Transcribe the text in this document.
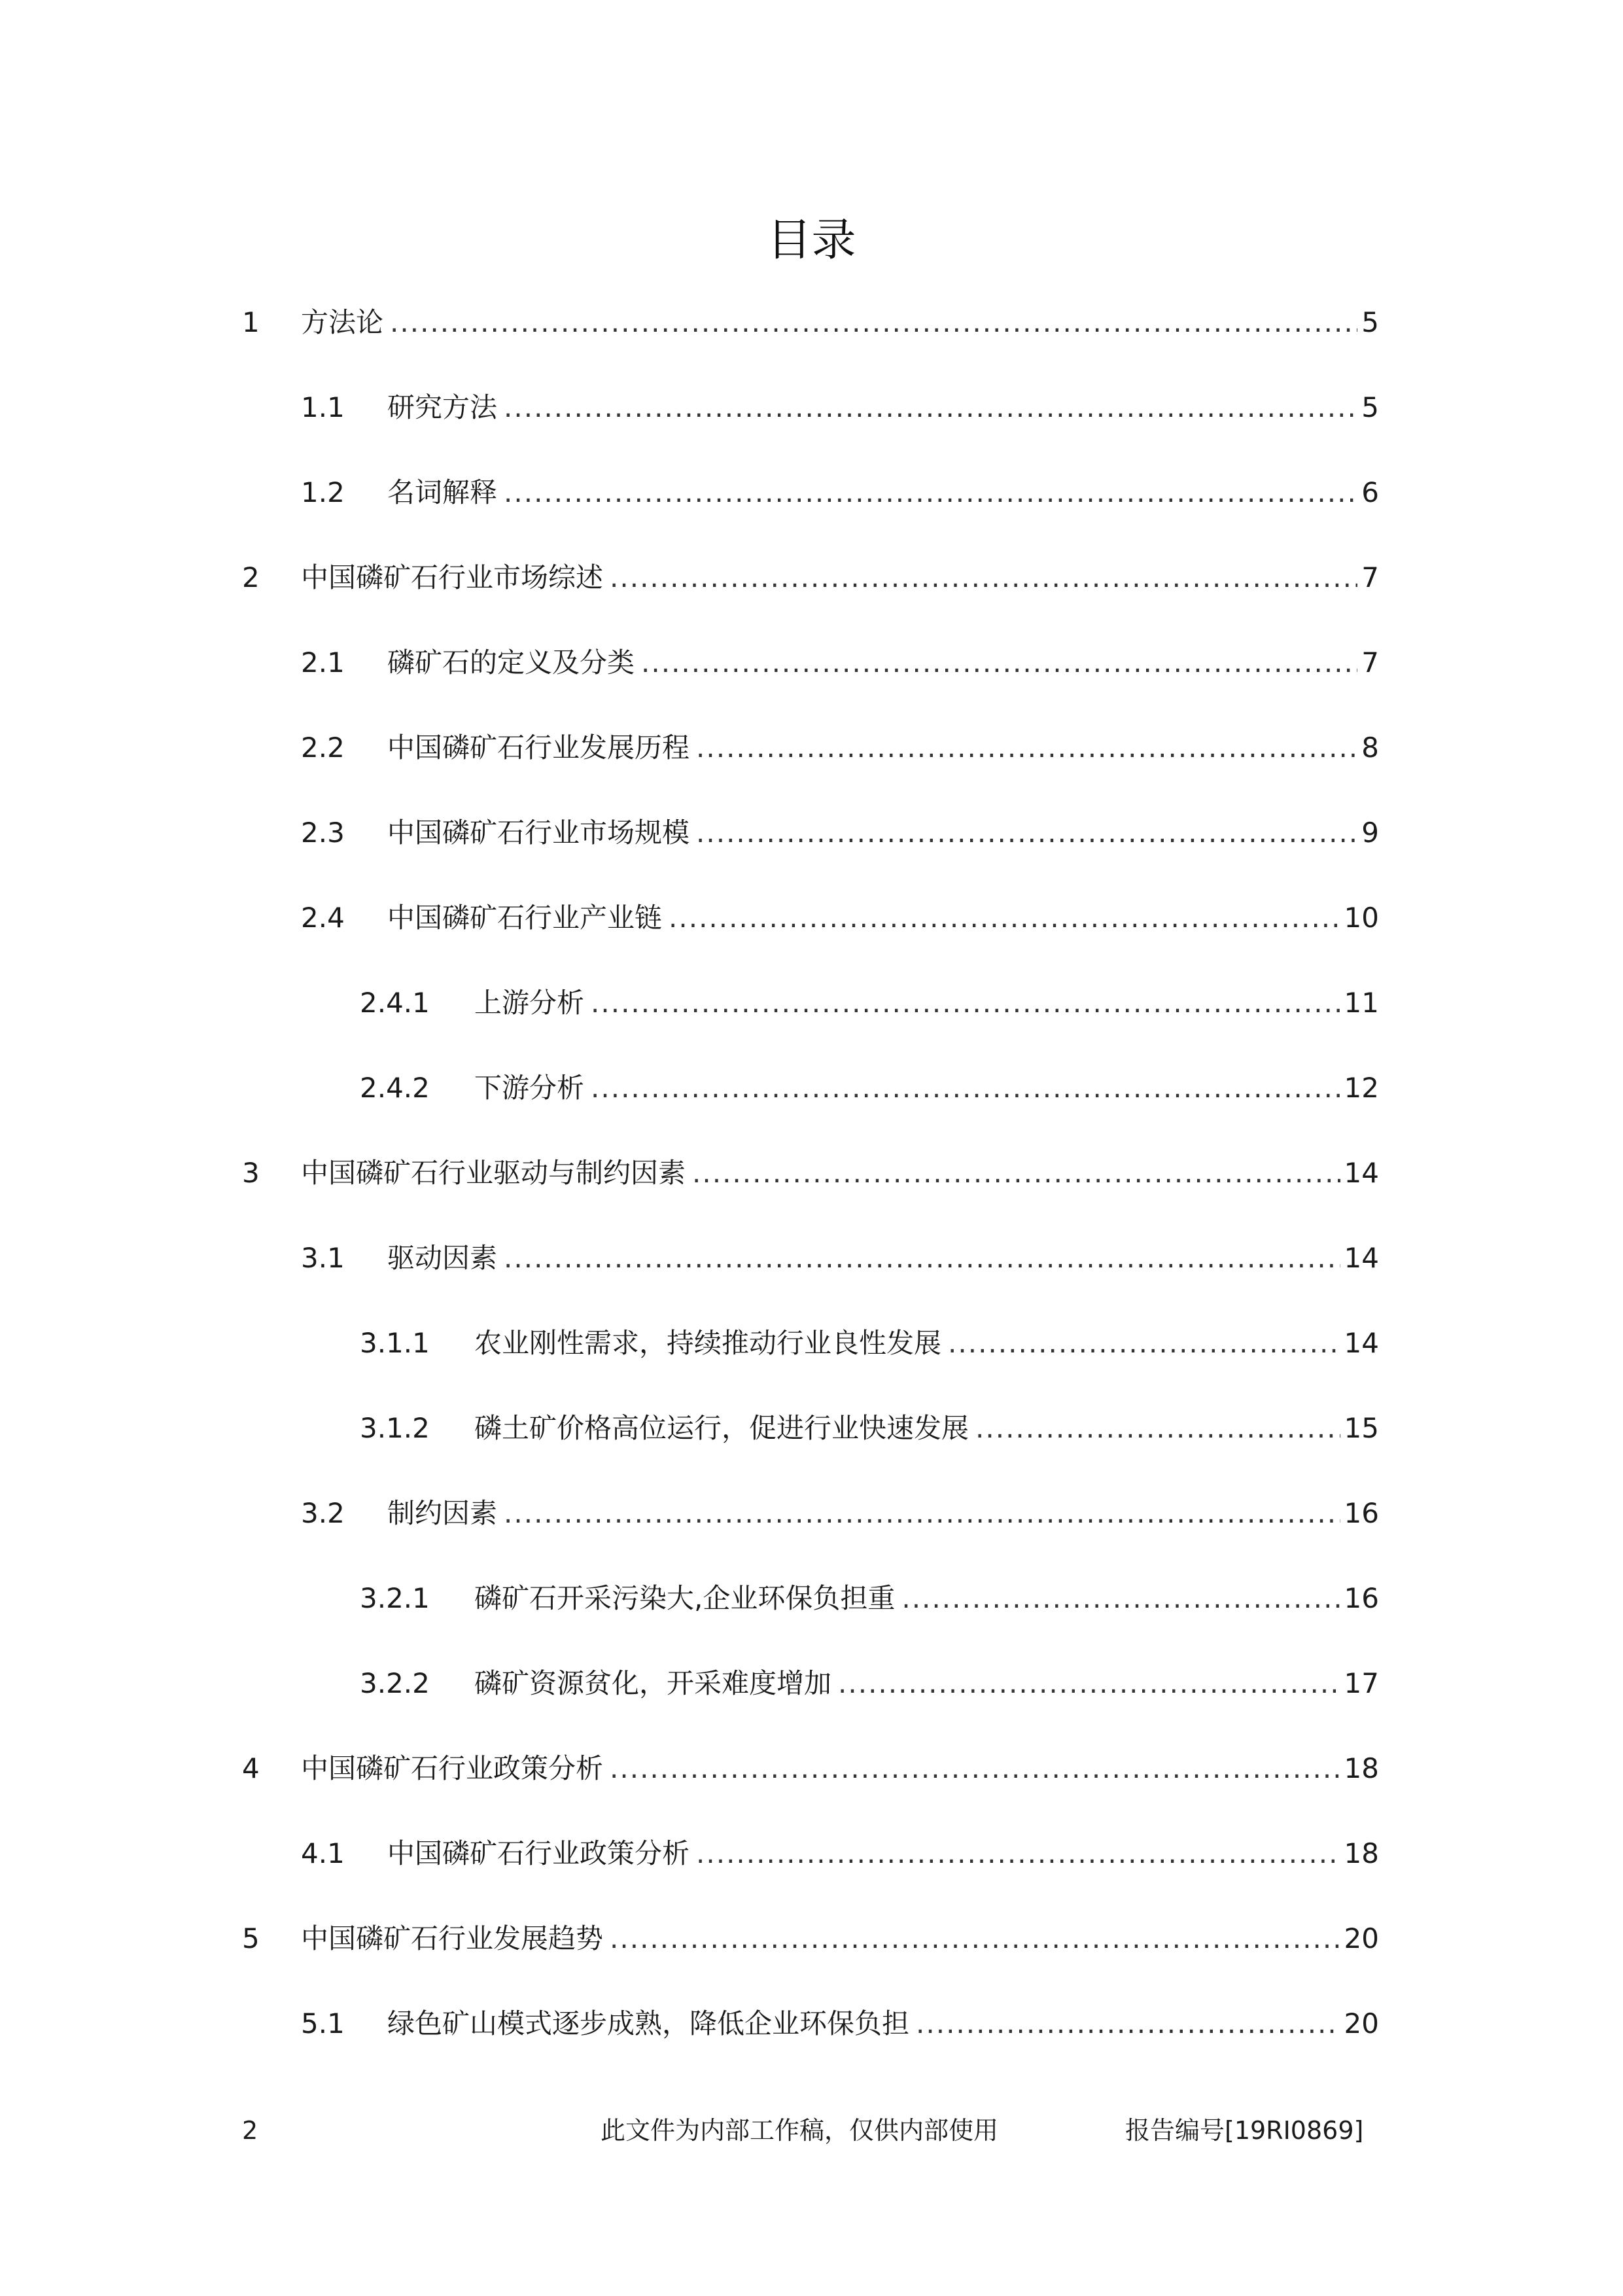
目录
1 方法论 .....	5
1.1 研究方法 .....	5
1.2 名词解释 .....	6
2 中国磷矿石行业市场综述 .....	7
2.1 磷矿石的定义及分类 .....	7
2.2 中国磷矿石行业发展历程 .....	8
2.3 中国磷矿石行业市场规模 .....	9
2.4 中国磷矿石行业产业链 .....	10
2.4.1 上游分析 .....	11
2.4.2 下游分析 .....	12
3 中国磷矿石行业驱动与制约因素 .....	14
3.1 驱动因素 .....	14
3.1.1 农业刚性需求，持续推动行业良性发展 .....	14
3.1.2 磷土矿价格高位运行，促进行业快速发展 .....	15
3.2 制约因素 .....	16
3.2.1 磷矿石开采污染大,企业环保负担重 .....	16
3.2.2 磷矿资源贫化，开采难度增加 .....	17
4 中国磷矿石行业政策分析 .....	18
4.1 中国磷矿石行业政策分析 .....	18
5 中国磷矿石行业发展趋势 .....	20
5.1 绿色矿山模式逐步成熟，降低企业环保负担 .....	20
2	此文件为内部工作稿，仅供内部使用	报告编号[19RI0869]
